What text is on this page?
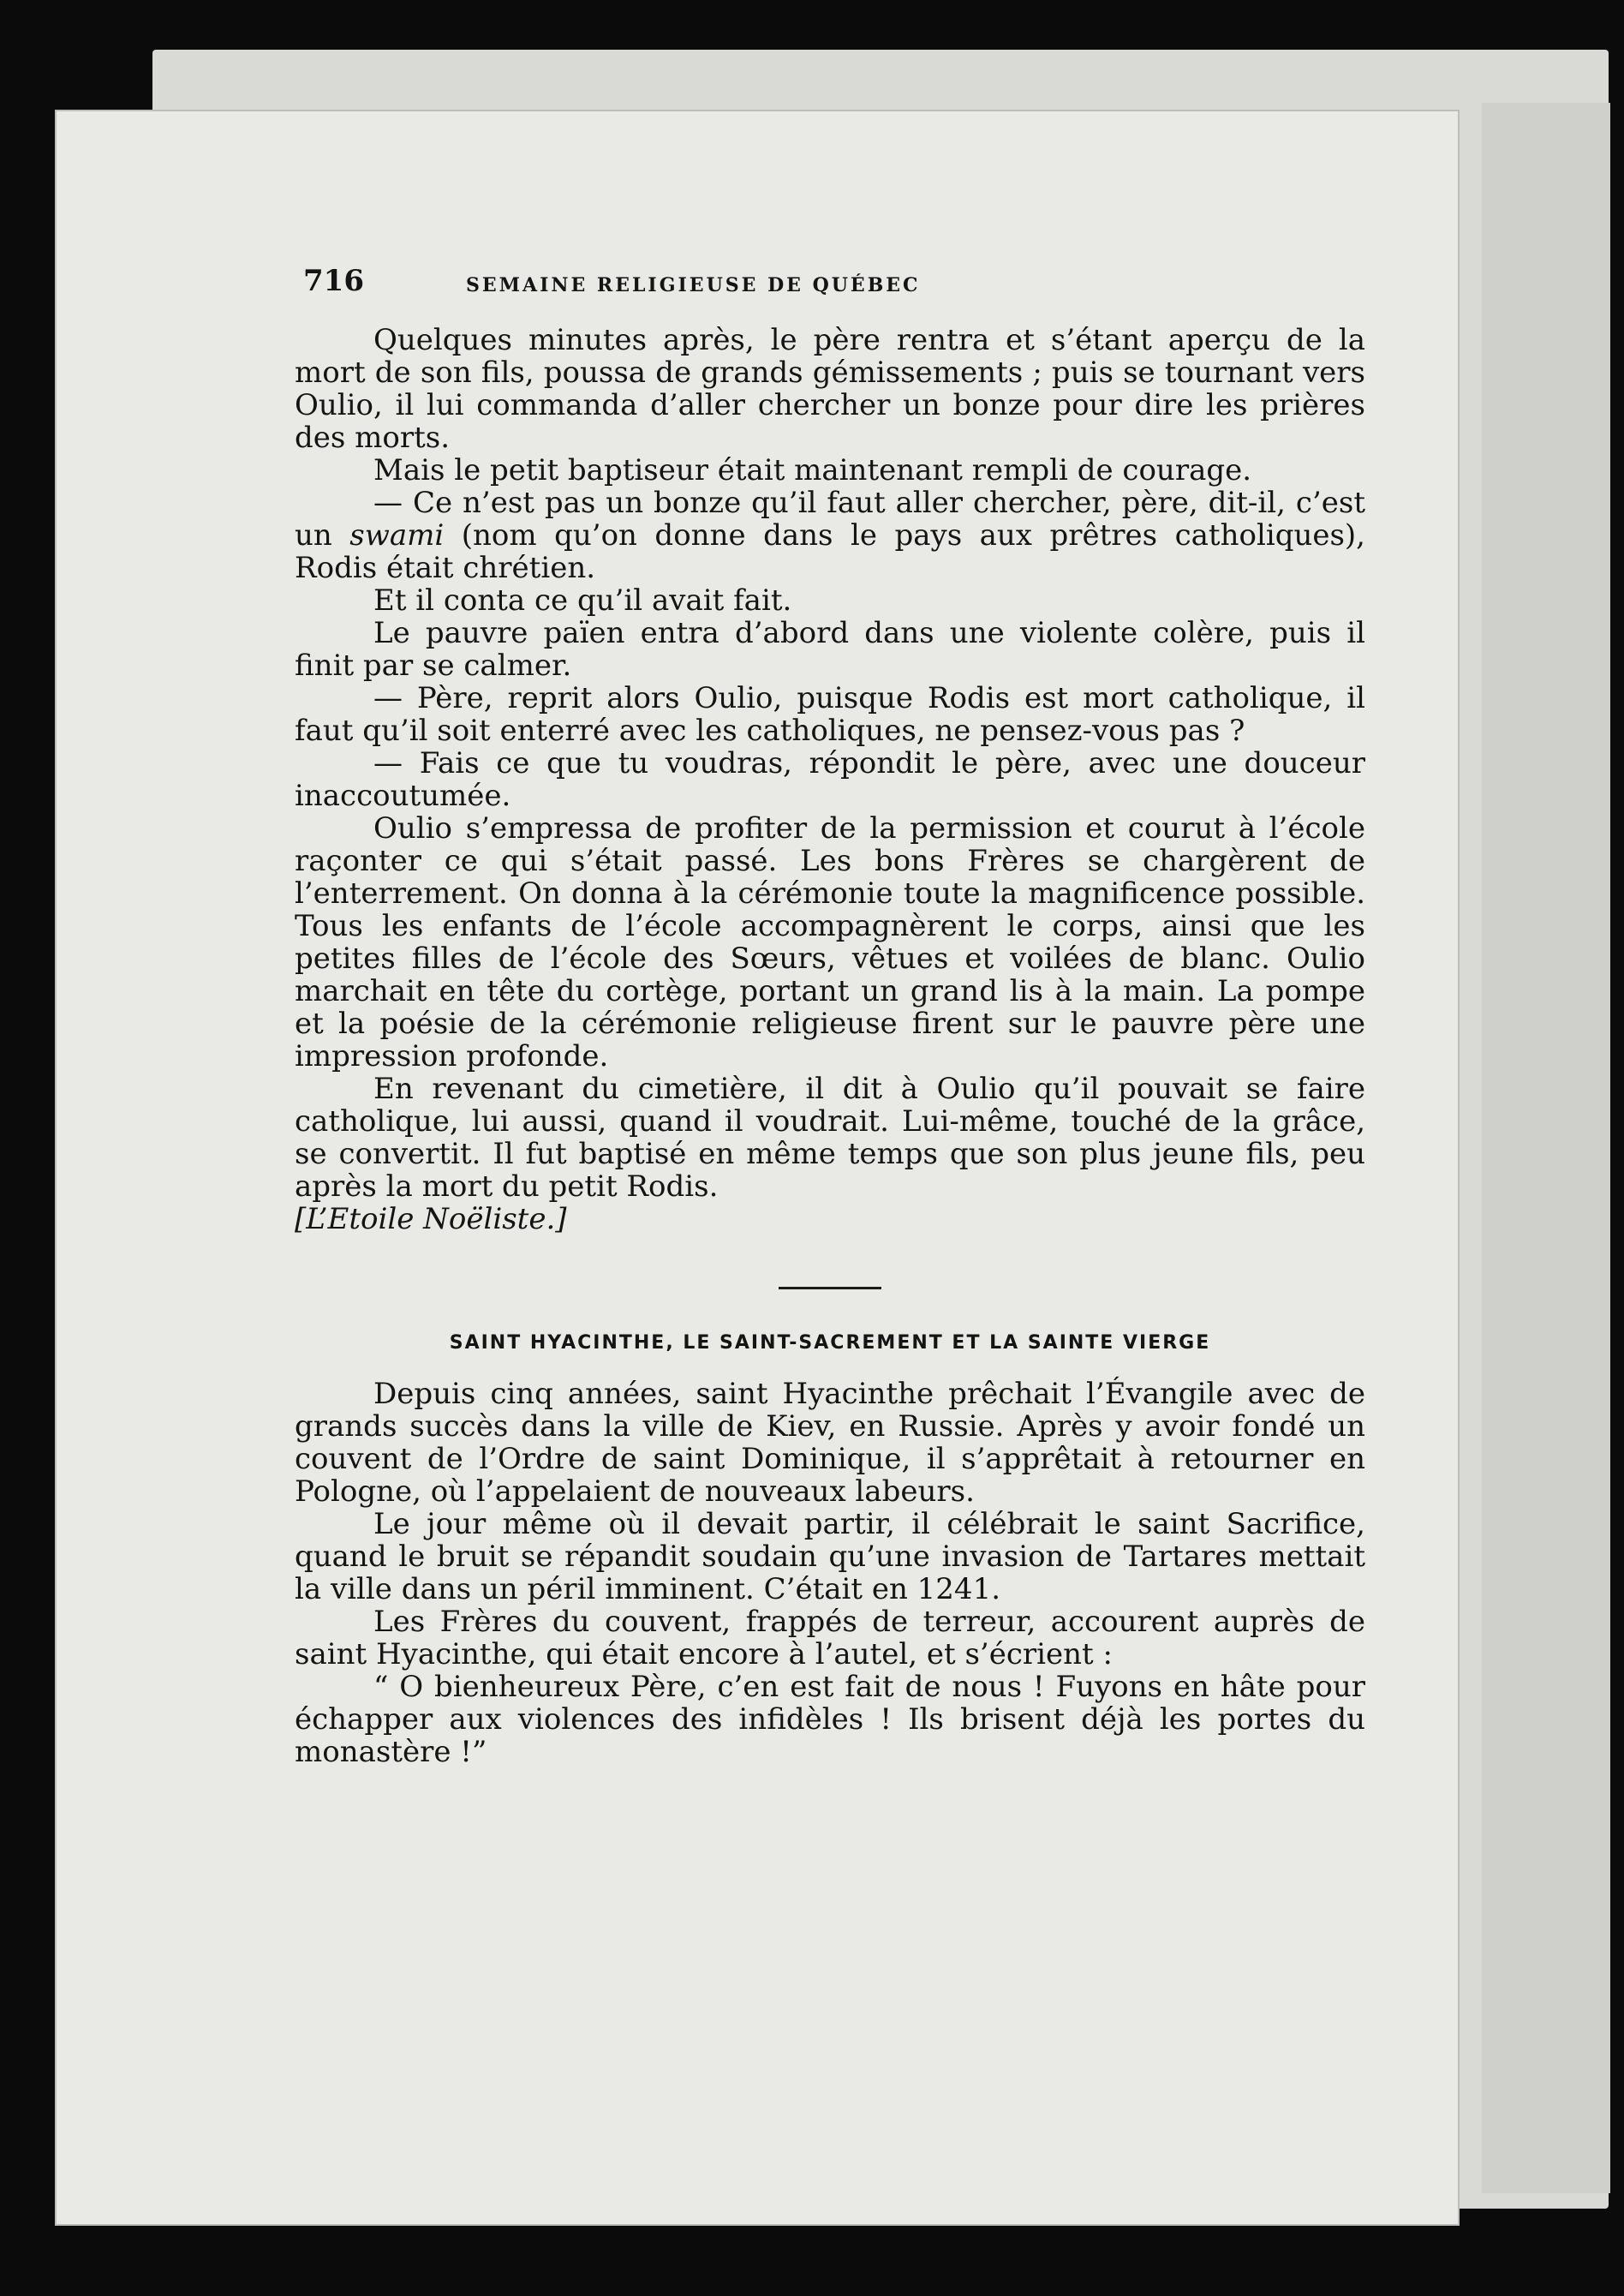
716	SEMAINE RELIGIEUSE DE QUÉBEC

Quelques minutes après, le père rentra et s’étant aperçu de la mort de son fils, poussa de grands gémissements ; puis se tournant vers Oulio, il lui commanda d’aller chercher un bonze pour dire les prières des morts.

Mais le petit baptiseur était maintenant rempli de courage.

— Ce n’est pas un bonze qu’il faut aller chercher, père, dit-il, c’est un swami (nom qu’on donne dans le pays aux prêtres catholiques), Rodis était chrétien.

Et il conta ce qu’il avait fait.

Le pauvre païen entra d’abord dans une violente colère, puis il finit par se calmer.

— Père, reprit alors Oulio, puisque Rodis est mort catholique, il faut qu’il soit enterré avec les catholiques, ne pensez-vous pas ?

— Fais ce que tu voudras, répondit le père, avec une douceur inaccoutumée.

Oulio s’empressa de profiter de la permission et courut à l’école raçonter ce qui s’était passé. Les bons Frères se chargèrent de l’enterrement. On donna à la cérémonie toute la magnificence possible. Tous les enfants de l’école accompagnèrent le corps, ainsi que les petites filles de l’école des Sœurs, vêtues et voilées de blanc. Oulio marchait en tête du cortège, portant un grand lis à la main. La pompe et la poésie de la cérémonie religieuse firent sur le pauvre père une impression profonde.

En revenant du cimetière, il dit à Oulio qu’il pouvait se faire catholique, lui aussi, quand il voudrait. Lui-même, touché de la grâce, se convertit. Il fut baptisé en même temps que son plus jeune fils, peu après la mort du petit Rodis.

[L’Etoile Noëliste.]

SAINT HYACINTHE, LE SAINT-SACREMENT ET LA SAINTE VIERGE

Depuis cinq années, saint Hyacinthe prêchait l’Évangile avec de grands succès dans la ville de Kiev, en Russie. Après y avoir fondé un couvent de l’Ordre de saint Dominique, il s’apprêtait à retourner en Pologne, où l’appelaient de nouveaux labeurs.

Le jour même où il devait partir, il célébrait le saint Sacrifice, quand le bruit se répandit soudain qu’une invasion de Tartares mettait la ville dans un péril imminent. C’était en 1241.

Les Frères du couvent, frappés de terreur, accourent auprès de saint Hyacinthe, qui était encore à l’autel, et s’écrient :

“ O bienheureux Père, c’en est fait de nous ! Fuyons en hâte pour échapper aux violences des infidèles ! Ils brisent déjà les portes du monastère !”
